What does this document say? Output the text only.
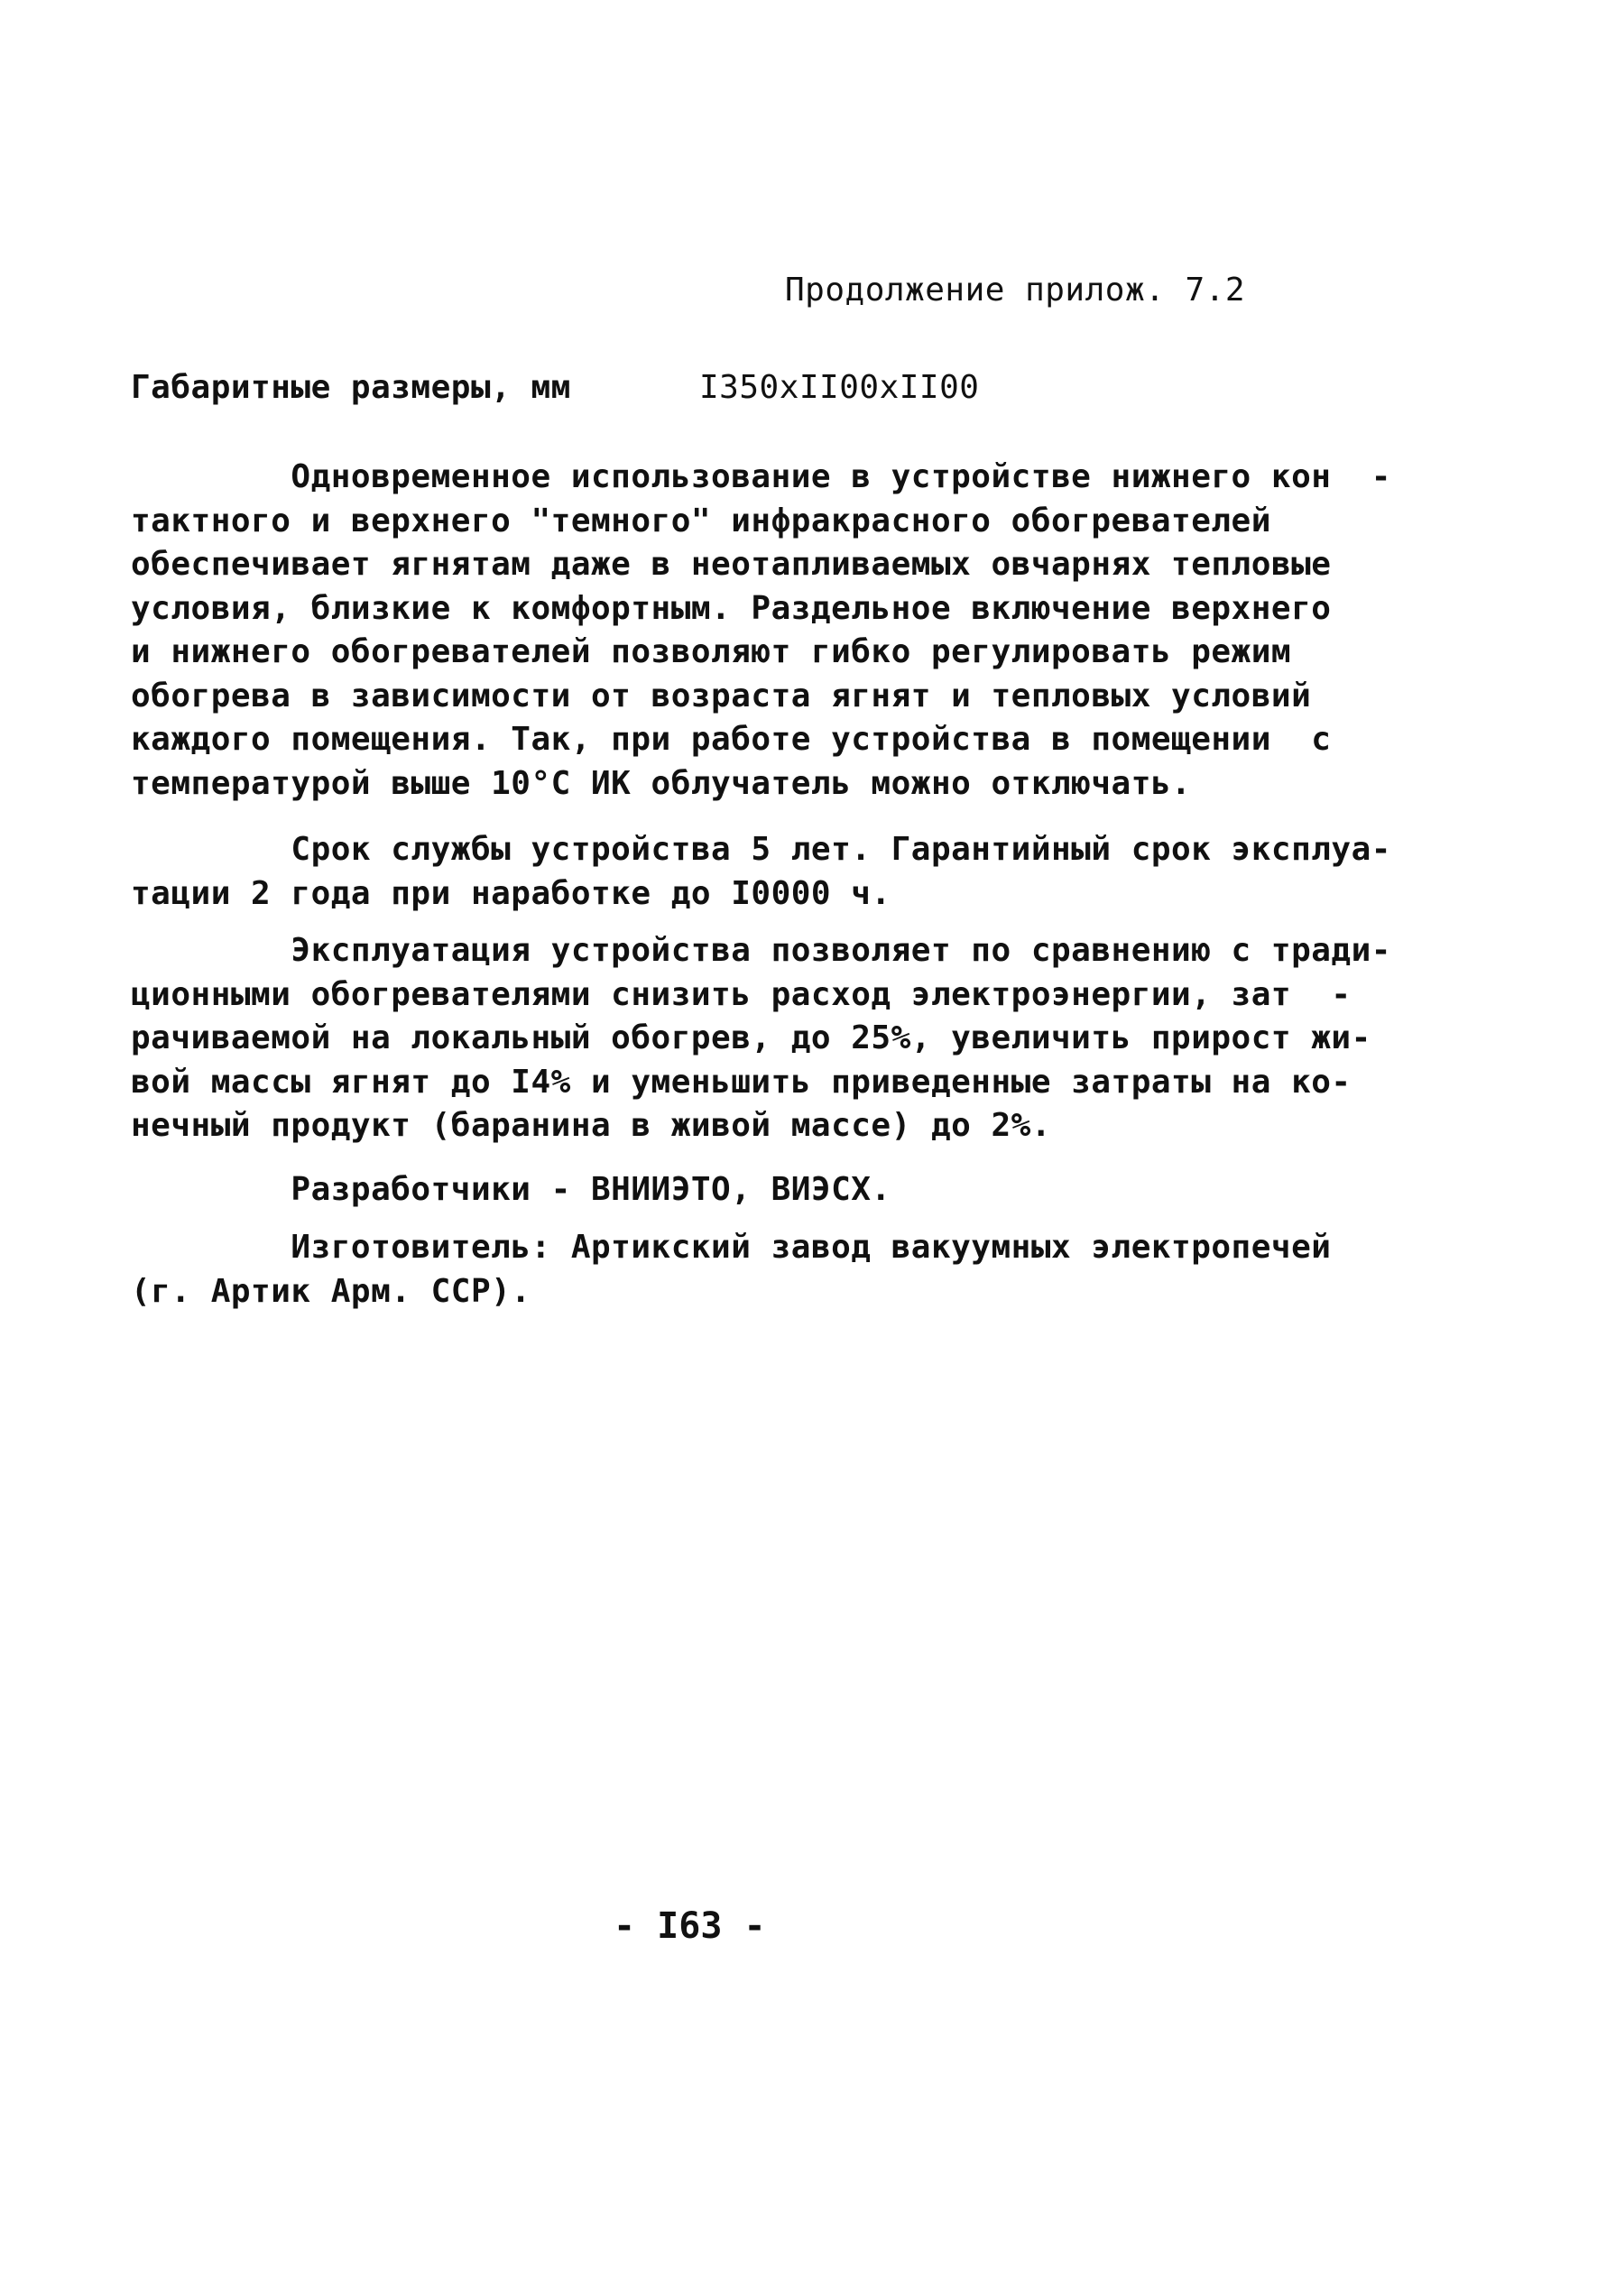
Продолжение прилож. 7.2
Габаритные размеры, мм	I350xII00xII00
Одновременное использование в устройстве нижнего кон  -
тактного и верхнего "темного" инфракрасного обогревателей
обеспечивает ягнятам даже в неотапливаемых овчарнях тепловые
условия, близкие к комфортным. Раздельное включение верхнего
и нижнего обогревателей позволяют гибко регулировать режим
обогрева в зависимости от возраста ягнят и тепловых условий
каждого помещения. Так, при работе устройства в помещении  с
температурой выше 10°С ИК облучатель можно отключать.
Срок службы устройства 5 лет. Гарантийный срок эксплуа-
тации 2 года при наработке до I0000 ч.
Эксплуатация устройства позволяет по сравнению с тради-
ционными обогревателями снизить расход электроэнергии, зат  -
рачиваемой на локальный обогрев, до 25%, увеличить прирост жи-
вой массы ягнят до I4% и уменьшить приведенные затраты на ко-
нечный продукт (баранина в живой массе) до 2%.
Разработчики - ВНИИЭТО, ВИЭСХ.
Изготовитель: Артикский завод вакуумных электропечей
(г. Артик Арм. ССР).
- I63 -
